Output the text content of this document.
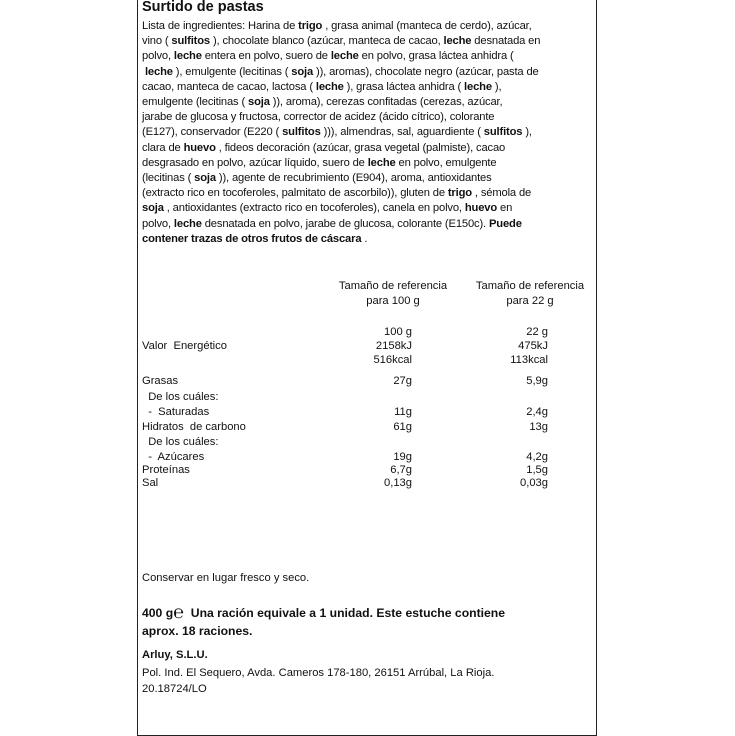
Surtido de pastas
Lista de ingredientes: Harina de trigo , grasa animal (manteca de cerdo), azúcar,
vino ( sulfitos ), chocolate blanco (azúcar, manteca de cacao, leche desnatada en
polvo, leche entera en polvo, suero de leche en polvo, grasa láctea anhidra (
leche ), emulgente (lecitinas ( soja )), aromas), chocolate negro (azúcar, pasta de
cacao, manteca de cacao, lactosa ( leche ), grasa láctea anhidra ( leche ),
emulgente (lecitinas ( soja )), aroma), cerezas confitadas (cerezas, azúcar,
jarabe de glucosa y fructosa, corrector de acidez (ácido cítrico), colorante
(E127), conservador (E220 ( sulfitos ))), almendras, sal, aguardiente ( sulfitos ),
clara de huevo , fideos decoración (azúcar, grasa vegetal (palmiste), cacao
desgrasado en polvo, azúcar líquido, suero de leche en polvo, emulgente
(lecitinas ( soja )), agente de recubrimiento (E904), aroma, antioxidantes
(extracto rico en tocoferoles, palmitato de ascorbilo)), gluten de trigo , sémola de
soja , antioxidantes (extracto rico en tocoferoles), canela en polvo, huevo en
polvo, leche desnatada en polvo, jarabe de glucosa, colorante (E150c). Puede
contener trazas de otros frutos de cáscara .
Tamaño de referencia
para 100 g
Tamaño de referencia
para 22 g
100 g	22 g
Valor  Energético	2158kJ	475kJ
516kcal	113kcal
Grasas	27g	5,9g
De los cuáles:
-  Saturadas	11g	2,4g
Hidratos  de carbono	61g	13g
De los cuáles:
-  Azúcares	19g	4,2g
Proteínas	6,7g	1,5g
Sal	0,13g	0,03g
Conservar en lugar fresco y seco.
400 g℮ Una ración equivale a 1 unidad. Este estuche contiene
aprox. 18 raciones.
Arluy, S.L.U.
Pol. Ind. El Sequero, Avda. Cameros 178-180, 26151 Arrúbal, La Rioja.
20.18724/LO
